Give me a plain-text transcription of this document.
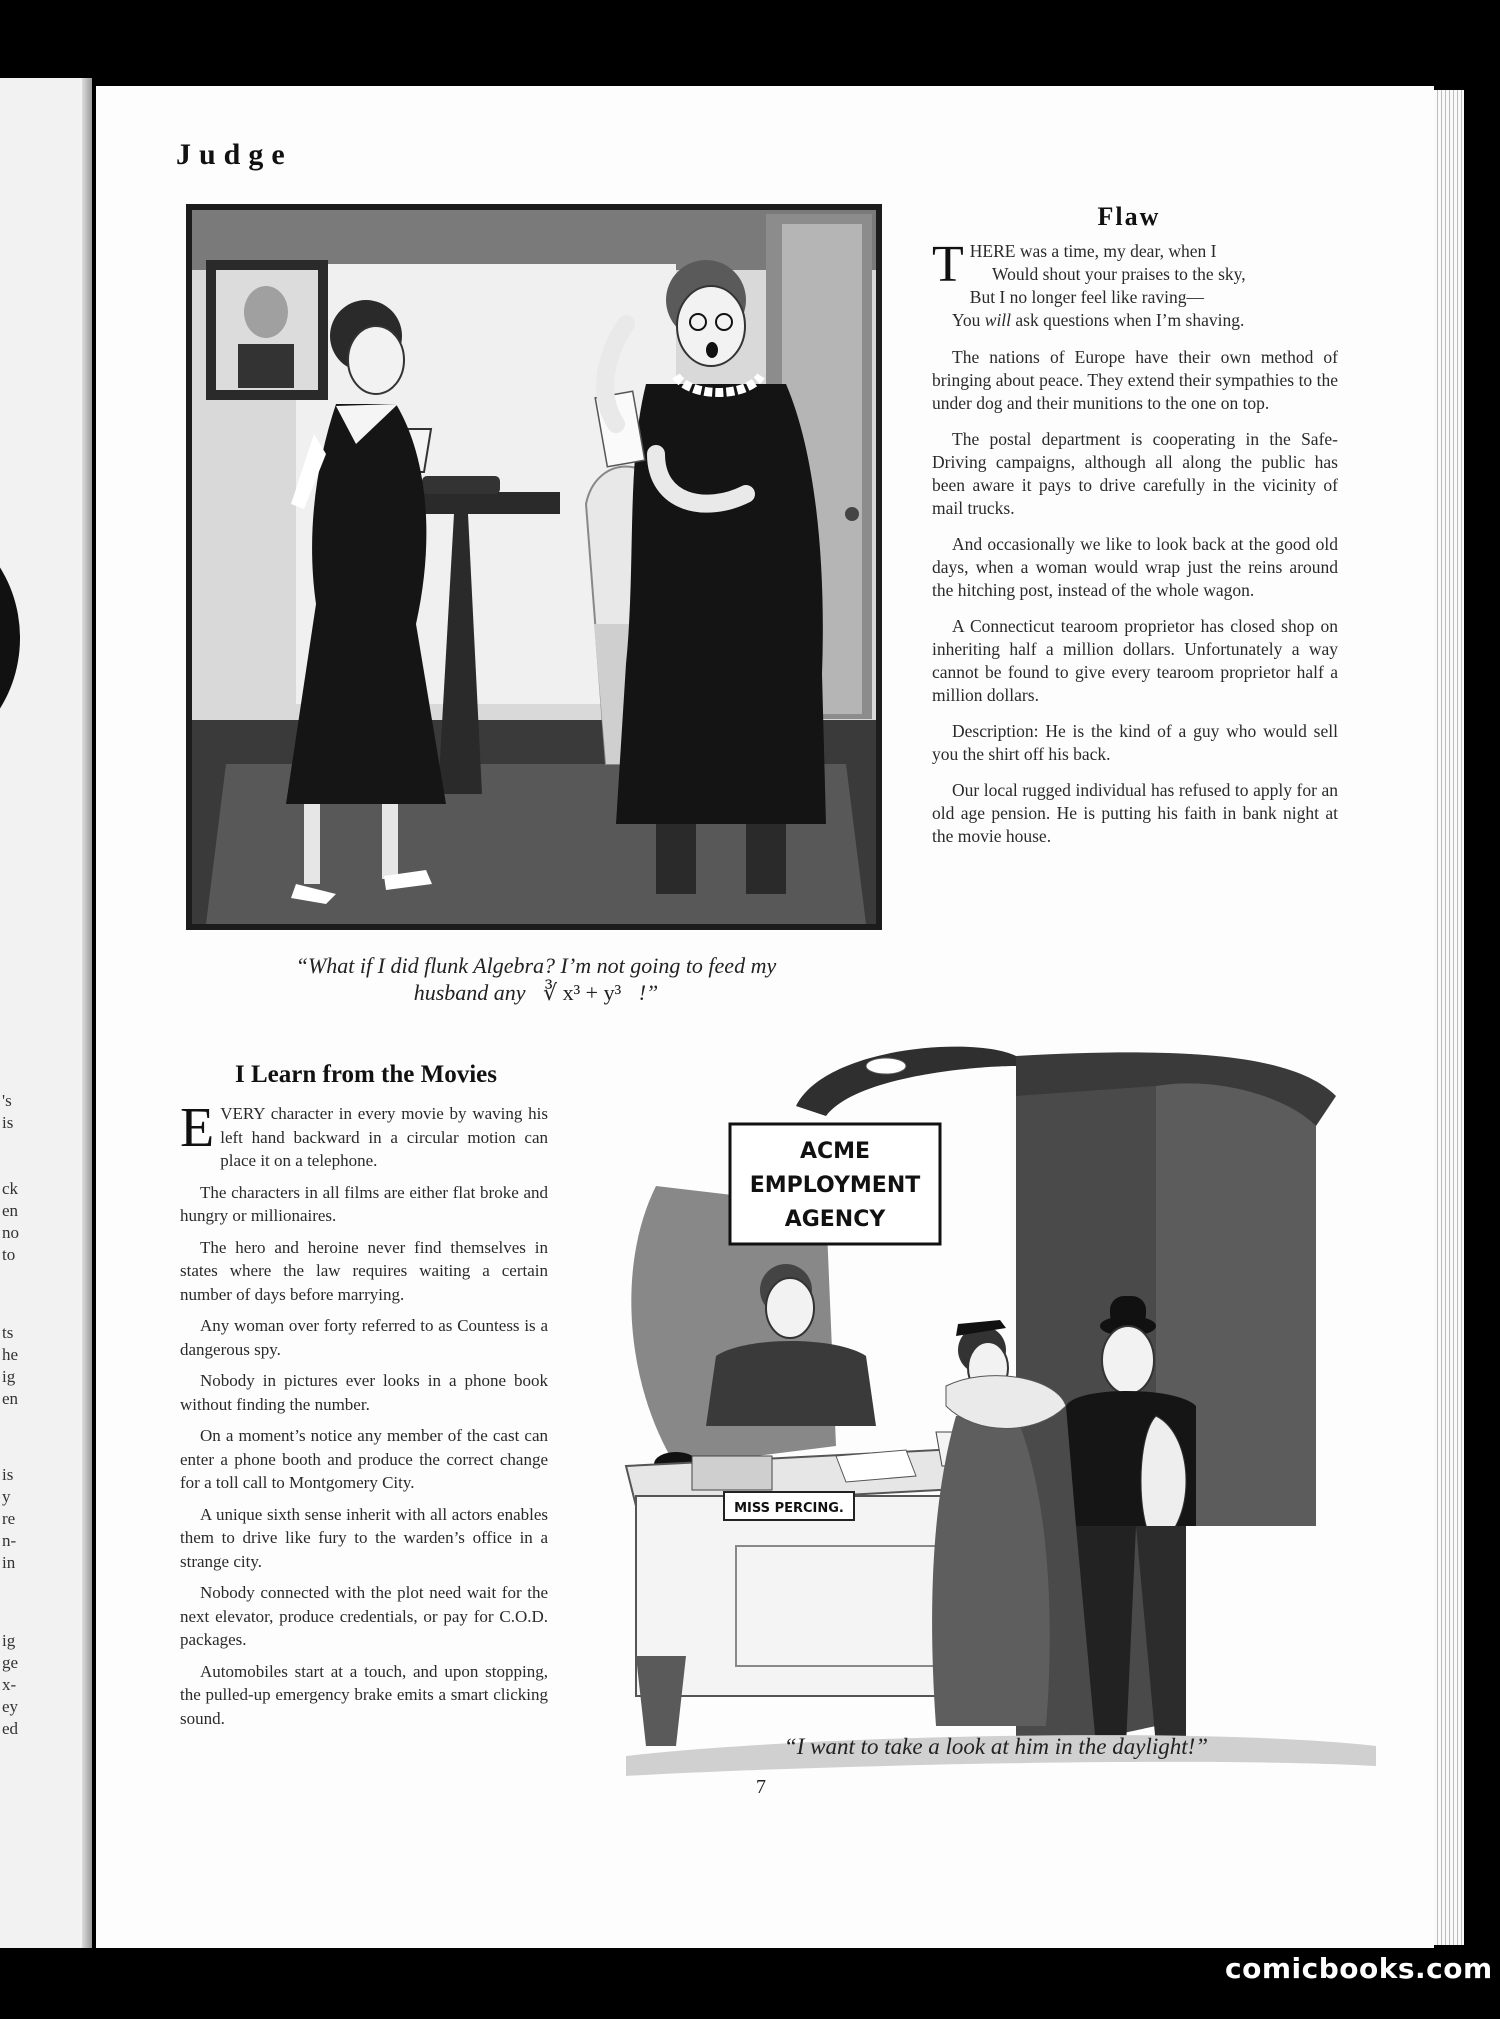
's
is
ck
en
no
to
ts
he
ig
en
is
y
re
n-
in
ig
ge
x-
ey
ed
Judge
“What if I did flunk Algebra? I’m not going to feed my
husband any ∛ x³ + y³ !”
Flaw

T HERE was a time, my dear, when I
Would shout your praises to the sky,
But I no longer feel like raving—
You will ask questions when I’m shaving.

The nations of Europe have their own method of bringing about peace. They extend their sympathies to the under dog and their munitions to the one on top.

The postal department is cooperating in the Safe-Driving campaigns, although all along the public has been aware it pays to drive carefully in the vicinity of mail trucks.

And occasionally we like to look back at the good old days, when a woman would wrap just the reins around the hitching post, instead of the whole wagon.

A Connecticut tearoom proprietor has closed shop on inheriting half a million dollars. Unfortunately a way cannot be found to give every tearoom proprietor half a million dollars.

Description: He is the kind of a guy who would sell you the shirt off his back.

Our local rugged individual has refused to apply for an old age pension. He is putting his faith in bank night at the movie house.

I Learn from the Movies

EVERY character in every movie by waving his left hand backward in a circular motion can place it on a telephone.

The characters in all films are either flat broke and hungry or millionaires.

The hero and heroine never find themselves in states where the law requires waiting a certain number of days before marrying.

Any woman over forty referred to as Countess is a dangerous spy.

Nobody in pictures ever looks in a phone book without finding the number.

On a moment’s notice any member of the cast can enter a phone booth and produce the correct change for a toll call to Montgomery City.

A unique sixth sense inherit with all actors enables them to drive like fury to the warden’s office in a strange city.

Nobody connected with the plot need wait for the next elevator, produce credentials, or pay for C.O.D. packages.

Automobiles start at a touch, and upon stopping, the pulled-up emergency brake emits a smart clicking sound.

ACME
EMPLOYMENT
AGENCY
MISS PERCING.
“I want to take a look at him in the daylight!”
7
comicbooks.com
